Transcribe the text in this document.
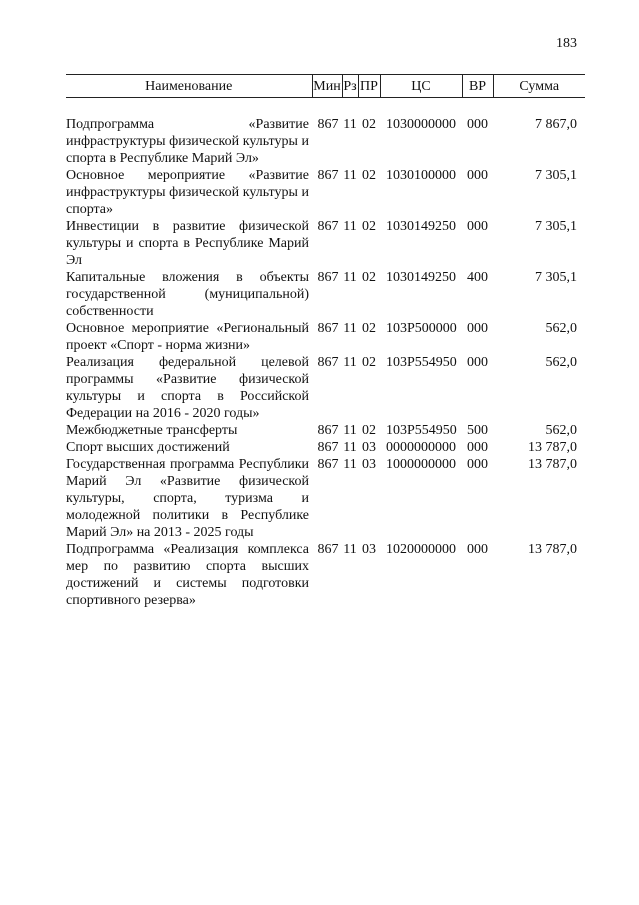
183
Наименование	Мин	Рз	ПР	ЦС	ВР	Сумма

Подпрограмма «Развитие инфраструктуры физической культуры и спорта в Республике Марий Эл»	867	11	02	1030000000	000	7 867,0
Основное мероприятие «Развитие инфраструктуры физической культуры и спорта»	867	11	02	1030100000	000	7 305,1
Инвестиции в развитие физической культуры и спорта в Республике Марий Эл	867	11	02	1030149250	000	7 305,1
Капитальные вложения в объекты государственной (муниципальной) собственности	867	11	02	1030149250	400	7 305,1
Основное мероприятие «Региональный проект «Спорт - норма жизни»	867	11	02	103P500000	000	562,0
Реализация федеральной целевой программы «Развитие физической культуры и спорта в Российской Федерации на 2016 - 2020 годы»	867	11	02	103P554950	000	562,0
Межбюджетные трансферты	867	11	02	103P554950	500	562,0
Спорт высших достижений	867	11	03	0000000000	000	13 787,0
Государственная программа Республики Марий Эл «Развитие физической культуры, спорта, туризма и молодежной политики в Республике Марий Эл» на 2013 - 2025 годы	867	11	03	1000000000	000	13 787,0
Подпрограмма «Реализация комплекса мер по развитию спорта высших достижений и системы подготовки спортивного резерва»	867	11	03	1020000000	000	13 787,0
